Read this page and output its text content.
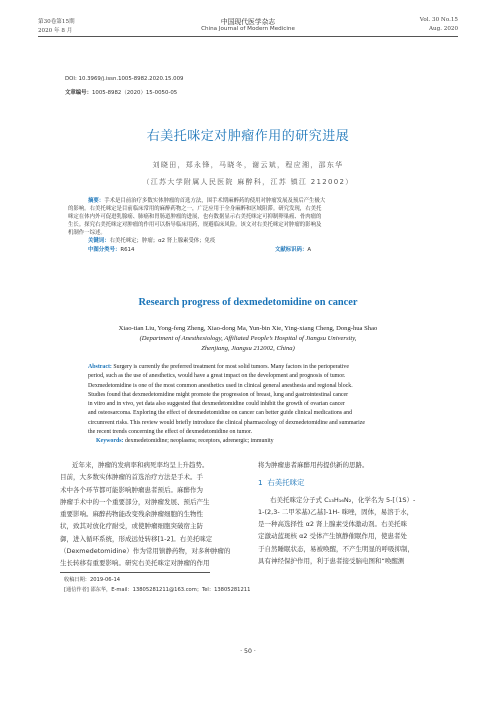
第30卷第15期
2020 年 8 月
中国现代医学杂志
China Journal of Modern Medicine
Vol. 30 No.15
Aug. 2020
DOI: 10.3969/j.issn.1005-8982.2020.15.009
文章编号：1005-8982（2020）15-0050-05
右美托咪定对肿瘤作用的研究进展
刘晓田，郑永锋，马晓冬，谢云斌，程应湘，邵东华
（江苏大学附属人民医院 麻醉科，江苏 镇江 212002）
摘要：手术是目前治疗多数实体肿瘤的首选方法，围手术期麻醉药的使用对肿瘤发展及预后产生极大
的影响。右美托咪定是目前临床常用的麻醉药物之一，广泛应用于全身麻醉和区域阻滞。研究发现，右美托
咪定在体内外可促进乳腺癌、肺癌和胃肠道肿瘤的进展，也有数据显示右美托咪定可抑制卵巢癌、骨肉瘤的
生长。探究右美托咪定对肿瘤的作用可以指导临床用药，规避临床风险。该文对右美托咪定对肿瘤的影响及
机制作一综述。
关键词：右美托咪定；肿瘤；α2 肾上腺素受体；免疫
中图分类号：R614	文献标识码：A
Research progress of dexmedetomidine on cancer
Xiao-tian Liu, Yong-feng Zheng, Xiao-dong Ma, Yun-bin Xie, Ying-xiang Cheng, Dong-hua Shao
(Department of Anesthesiology, Affiliated People’s Hospital of Jiangsu University,
Zhenjiang, Jiangsu 212002, China)
Abstract: Surgery is currently the preferred treatment for most solid tumors. Many factors in the perioperative
period, such as the use of anesthetics, would have a great impact on the development and prognosis of tumor.
Dexmedetomidine is one of the most common anesthetics used in clinical general anesthesia and regional block.
Studies found that dexmedetomidine might promote the progression of breast, lung and gastrointestinal cancer
in vitro and in vivo, yet data also suggested that dexmedetomidine could inhibit the growth of ovarian cancer
and osteosarcoma. Exploring the effect of dexmedetomidine on cancer can better guide clinical medications and
circumvent risks. This review would briefly introduce the clinical pharmacology of dexmedetomidine and summarize
the recent trends concerning the effect of dexmedetomidine on tumor.
Keywords: dexmedetomidine; neoplasms; receptors, adrenergic; immunity
近年来，肿瘤的发病率和病死率均呈上升趋势。
目前，大多数实体肿瘤的首选治疗方法是手术。手
术中各个环节都可能影响肿瘤患者预后。麻醉作为
肿瘤手术中的一个重要部分，对肿瘤发展、预后产生
重要影响。麻醉药物能改变残余肿瘤细胞的生物性
状，致其对放化疗耐受，或使肿瘤细胞突破宿主防
御，进入循环系统，形成远处转移[1-2]。右美托咪定
（Dexmedetomidine）作为常用镇静药物，对多种肿瘤的
生长转移有重要影响。研究右美托咪定对肿瘤的作用
将为肿瘤患者麻醉用药提供新的思路。
1 右美托咪定
右美托咪定分子式 C₁₃H₁₆N₂，化学名为 5-[（1S）-
1-(2,3- 二甲苯基)乙基]-1H- 咪唑，固体，易溶于水，
是一种高选择性 α2 肾上腺素受体激动剂。右美托咪
定激动蓝斑核 α2 受体产生镇静催眠作用，使患者处
于自然睡眠状态，易被唤醒，不产生明显的呼吸抑制，
具有神经保护作用，利于患者接受脑电图和“唤醒测
收稿日期：2019-06-14
[通信作者] 邵东华，E-mail：13805281211@163.com；Tel：13805281211
· 50 ·
